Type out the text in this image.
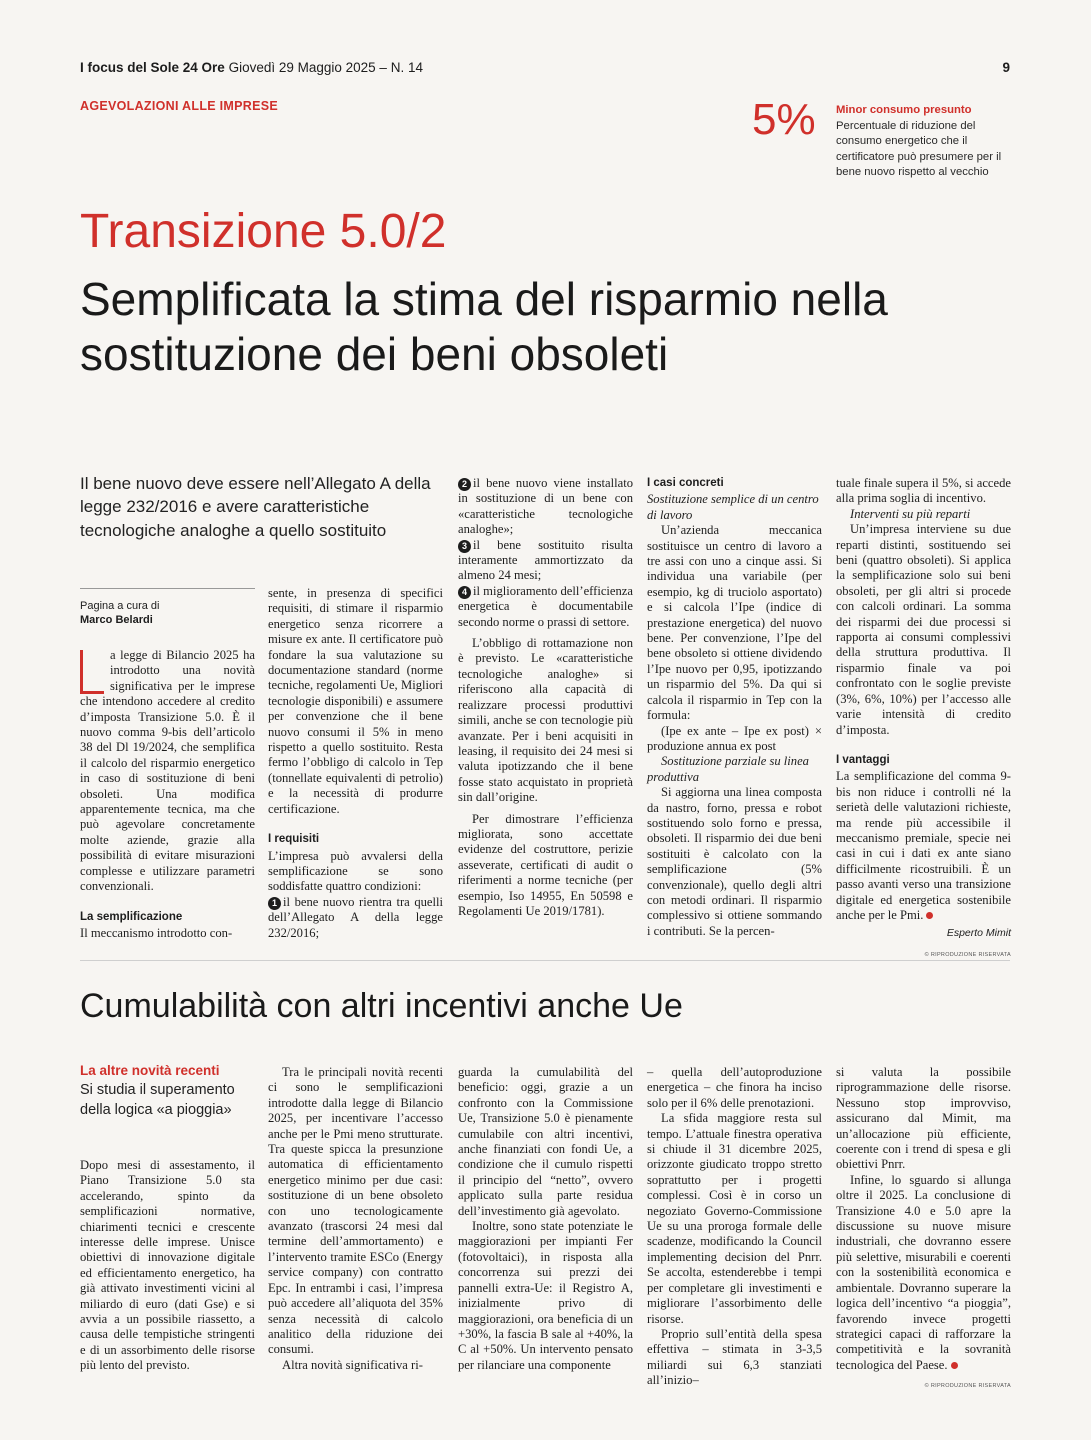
I focus del Sole 24 Ore Giovedì 29 Maggio 2025 – N. 14	9
AGEVOLAZIONI ALLE IMPRESE	5% Minor consumo presunto
Percentuale di riduzione del consumo energetico che il certificatore può presumere per il bene nuovo rispetto al vecchio
Transizione 5.0/2
Semplificata la stima del risparmio nella sostituzione dei beni obsoleti
Il bene nuovo deve essere nell’Allegato A della legge 232/2016 e avere caratteristiche tecnologiche analoghe a quello sostituito
Pagina a cura di
Marco Belardi

a legge di Bilancio 2025 ha introdotto una novità significativa per le imprese che intendono accedere al credito d’imposta Transizione 5.0. È il nuovo comma 9-bis dell’articolo 38 del Dl 19/2024, che semplifica il calcolo del risparmio energetico in caso di sostituzione di beni obsoleti. Una modifica apparentemente tecnica, ma che può agevolare concretamente molte aziende, grazie alla possibilità di evitare misurazioni complesse e utilizzare parametri convenzionali.

La semplificazione

Il meccanismo introdotto con-

sente, in presenza di specifici requisiti, di stimare il risparmio energetico senza ricorrere a misure ex ante. Il certificatore può fondare la sua valutazione su documentazione standard (norme tecniche, regolamenti Ue, Migliori tecnologie disponibili) e assumere per convenzione che il bene nuovo consumi il 5% in meno rispetto a quello sostituito. Resta fermo l’obbligo di calcolo in Tep (tonnellate equivalenti di petrolio) e la necessità di produrre certificazione.

I requisiti

L’impresa può avvalersi della semplificazione se sono soddisfatte quattro condizioni:

1 il bene nuovo rientra tra quelli dell’Allegato A della legge 232/2016;

2 il bene nuovo viene installato in sostituzione di un bene con «caratteristiche tecnologiche analoghe»;

3 il bene sostituito risulta interamente ammortizzato da almeno 24 mesi;

4 il miglioramento dell’efficienza energetica è documentabile secondo norme o prassi di settore.

L’obbligo di rottamazione non è previsto. Le «caratteristiche tecnologiche analoghe» si riferiscono alla capacità di realizzare processi produttivi simili, anche se con tecnologie più avanzate. Per i beni acquisiti in leasing, il requisito dei 24 mesi si valuta ipotizzando che il bene fosse stato acquistato in proprietà sin dall’origine.

Per dimostrare l’efficienza migliorata, sono accettate evidenze del costruttore, perizie asseverate, certificati di audit o riferimenti a norme tecniche (per esempio, Iso 14955, En 50598 e Regolamenti Ue 2019/1781).

I casi concreti

Sostituzione semplice di un centro di lavoro

Un’azienda meccanica sostituisce un centro di lavoro a tre assi con uno a cinque assi. Si individua una variabile (per esempio, kg di truciolo asportato) e si calcola l’Ipe (indice di prestazione energetica) del nuovo bene. Per convenzione, l’Ipe del bene obsoleto si ottiene dividendo l’Ipe nuovo per 0,95, ipotizzando un risparmio del 5%. Da qui si calcola il risparmio in Tep con la formula:

(Ipe ex ante – Ipe ex post) × produzione annua ex post

Sostituzione parziale su linea produttiva

Si aggiorna una linea composta da nastro, forno, pressa e robot sostituendo solo forno e pressa, obsoleti. Il risparmio dei due beni sostituiti è calcolato con la semplificazione (5% convenzionale), quello degli altri con metodi ordinari. Il risparmio complessivo si ottiene sommando i contributi. Se la percen-

tuale finale supera il 5%, si accede alla prima soglia di incentivo.

Interventi su più reparti

Un’impresa interviene su due reparti distinti, sostituendo sei beni (quattro obsoleti). Si applica la semplificazione solo sui beni obsoleti, per gli altri si procede con calcoli ordinari. La somma dei risparmi dei due processi si rapporta ai consumi complessivi della struttura produttiva. Il risparmio finale va poi confrontato con le soglie previste (3%, 6%, 10%) per l’accesso alle varie intensità di credito d’imposta.

I vantaggi

La semplificazione del comma 9-bis non riduce i controlli né la serietà delle valutazioni richieste, ma rende più accessibile il meccanismo premiale, specie nei casi in cui i dati ex ante siano difficilmente ricostruibili. È un passo avanti verso una transizione digitale ed energetica sostenibile anche per le Pmi.

Esperto Mimit

© RIPRODUZIONE RISERVATA

Cumulabilità con altri incentivi anche Ue
La altre novità recenti
Si studia il superamento della logica «a pioggia»

Dopo mesi di assestamento, il Piano Transizione 5.0 sta accelerando, spinto da semplificazioni normative, chiarimenti tecnici e crescente interesse delle imprese. Unisce obiettivi di innovazione digitale ed efficientamento energetico, ha già attivato investimenti vicini al miliardo di euro (dati Gse) e si avvia a un possibile riassetto, a causa delle tempistiche stringenti e di un assorbimento delle risorse più lento del previsto.

Tra le principali novità recenti ci sono le semplificazioni introdotte dalla legge di Bilancio 2025, per incentivare l’accesso anche per le Pmi meno strutturate. Tra queste spicca la presunzione automatica di efficientamento energetico minimo per due casi: sostituzione di un bene obsoleto con uno tecnologicamente avanzato (trascorsi 24 mesi dal termine dell’ammortamento) e l’intervento tramite ESCo (Energy service company) con contratto Epc. In entrambi i casi, l’impresa può accedere all’aliquota del 35% senza necessità di calcolo analitico della riduzione dei consumi.

Altra novità significativa ri-

guarda la cumulabilità del beneficio: oggi, grazie a un confronto con la Commissione Ue, Transizione 5.0 è pienamente cumulabile con altri incentivi, anche finanziati con fondi Ue, a condizione che il cumulo rispetti il principio del “netto”, ovvero applicato sulla parte residua dell’investimento già agevolato.

Inoltre, sono state potenziate le maggiorazioni per impianti Fer (fotovoltaici), in risposta alla concorrenza sui prezzi dei pannelli extra-Ue: il Registro A, inizialmente privo di maggiorazioni, ora beneficia di un +30%, la fascia B sale al +40%, la C al +50%. Un intervento pensato per rilanciare una componente

– quella dell’autoproduzione energetica – che finora ha inciso solo per il 6% delle prenotazioni.

La sfida maggiore resta sul tempo. L’attuale finestra operativa si chiude il 31 dicembre 2025, orizzonte giudicato troppo stretto soprattutto per i progetti complessi. Così è in corso un negoziato Governo-Commissione Ue su una proroga formale delle scadenze, modificando la Council implementing decision del Pnrr. Se accolta, estenderebbe i tempi per completare gli investimenti e migliorare l’assorbimento delle risorse.

Proprio sull’entità della spesa effettiva – stimata in 3-3,5 miliardi sui 6,3 stanziati all’inizio–

si valuta la possibile riprogrammazione delle risorse. Nessuno stop improvviso, assicurano dal Mimit, ma un’allocazione più efficiente, coerente con i trend di spesa e gli obiettivi Pnrr.

Infine, lo sguardo si allunga oltre il 2025. La conclusione di Transizione 4.0 e 5.0 apre la discussione su nuove misure industriali, che dovranno essere più selettive, misurabili e coerenti con la sostenibilità economica e ambientale. Dovranno superare la logica dell’incentivo “a pioggia”, favorendo invece progetti strategici capaci di rafforzare la competitività e la sovranità tecnologica del Paese.

© RIPRODUZIONE RISERVATA
